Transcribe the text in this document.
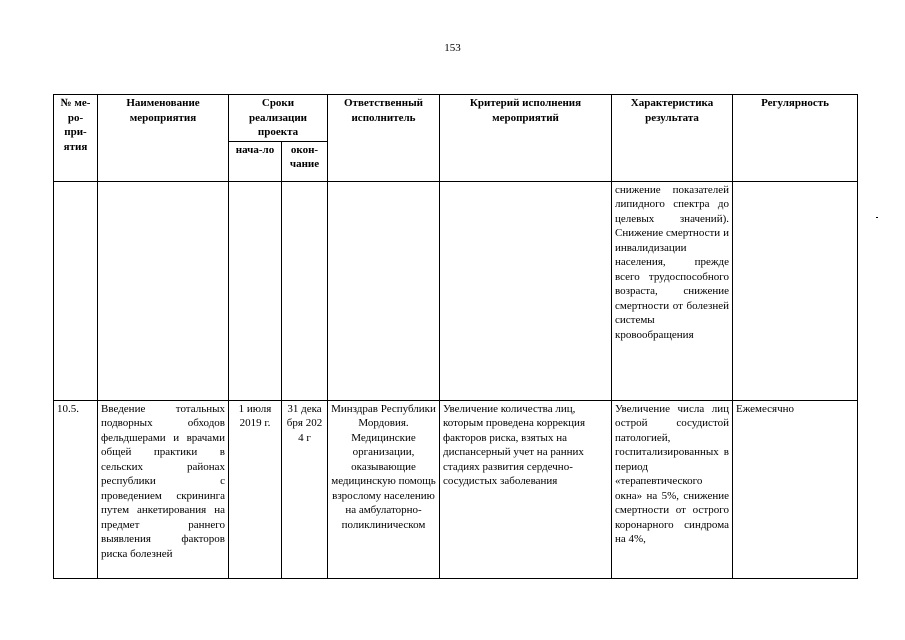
153
№ ме-ро-при-ятия	Наименование мероприятия	Сроки реализации проекта		Ответственный исполнитель	Критерий исполнения мероприятий	Характеристика результата	Регулярность
		нача-ло	окон-чание				
						снижение показателей липидного спектра до целевых значений). Снижение смертности и инвалидизации населения, прежде всего трудоспособного возраста, снижение смертности от болезней системы кровообращения	
10.5.	Введение тотальных подворных обходов фельдшерами и врачами общей практики в сельских районах республики с проведением скрининга путем анкетирования на предмет раннего выявления факторов риска болезней	1 июля 2019 г.	31 декабря 2024 г	Минздрав Республики Мордовия. Медицинские организации, оказывающие медицинскую помощь взрослому населению на амбулаторно-поликлиническом	Увеличение количества лиц, которым проведена коррекция факторов риска, взятых на диспансерный учет на ранних стадиях развития сердечно-сосудистых заболевания	Увеличение числа лиц острой сосудистой патологией, госпитализированных в период «терапевтического окна» на 5%, снижение смертности от острого коронарного синдрома на 4%,	Ежемесячно
